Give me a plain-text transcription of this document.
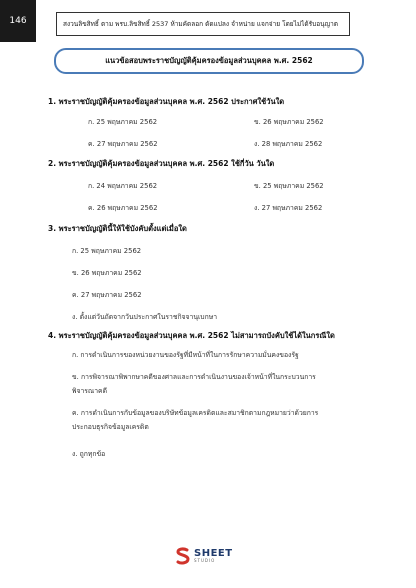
146	สงวนลิขสิทธิ์ ตาม พรบ.ลิขสิทธิ์ 2537 ห้ามคัดลอก ดัดแปลง จำหน่าย แจกจ่าย โดยไม่ได้รับอนุญาต
แนวข้อสอบพระราชบัญญัติคุ้มครองข้อมูลส่วนบุคคล พ.ศ. 2562
1. พระราชบัญญัติคุ้มครองข้อมูลส่วนบุคคล พ.ศ. 2562 ประกาศใช้วันใด
ก. 25 พฤษภาคม 2562	ข. 26 พฤษภาคม 2562
ค. 27 พฤษภาคม 2562	ง. 28 พฤษภาคม 2562
2. พระราชบัญญัติคุ้มครองข้อมูลส่วนบุคคล พ.ศ. 2562 ใช้กี่วัน วันใด
ก. 24 พฤษภาคม 2562	ข. 25 พฤษภาคม 2562
ค. 26 พฤษภาคม 2562	ง. 27 พฤษภาคม 2562
3. พระราชบัญญัตินี้ให้ใช้บังคับตั้งแต่เมื่อใด
ก. 25 พฤษภาคม 2562
ข. 26 พฤษภาคม 2562
ค. 27 พฤษภาคม 2562
ง. ตั้งแต่วันถัดจากวันประกาศในราชกิจจานุเบกษา
4. พระราชบัญญัติคุ้มครองข้อมูลส่วนบุคคล พ.ศ. 2562 ไม่สามารถบังคับใช้ได้ในกรณีใด
ก. การดำเนินการของหน่วยงานของรัฐที่มีหน้าที่ในการรักษาความมั่นคงของรัฐ
ข. การพิจารณาพิพากษาคดีของศาลและการดำเนินงานของเจ้าหน้าที่ในกระบวนการพิจารณาคดี
ค. การดำเนินการกับข้อมูลของบริษัทข้อมูลเครดิตและสมาชิกตามกฎหมายว่าด้วยการประกอบธุรกิจข้อมูลเครดิต
ง. ถูกทุกข้อ
SHEET
STUDIO
